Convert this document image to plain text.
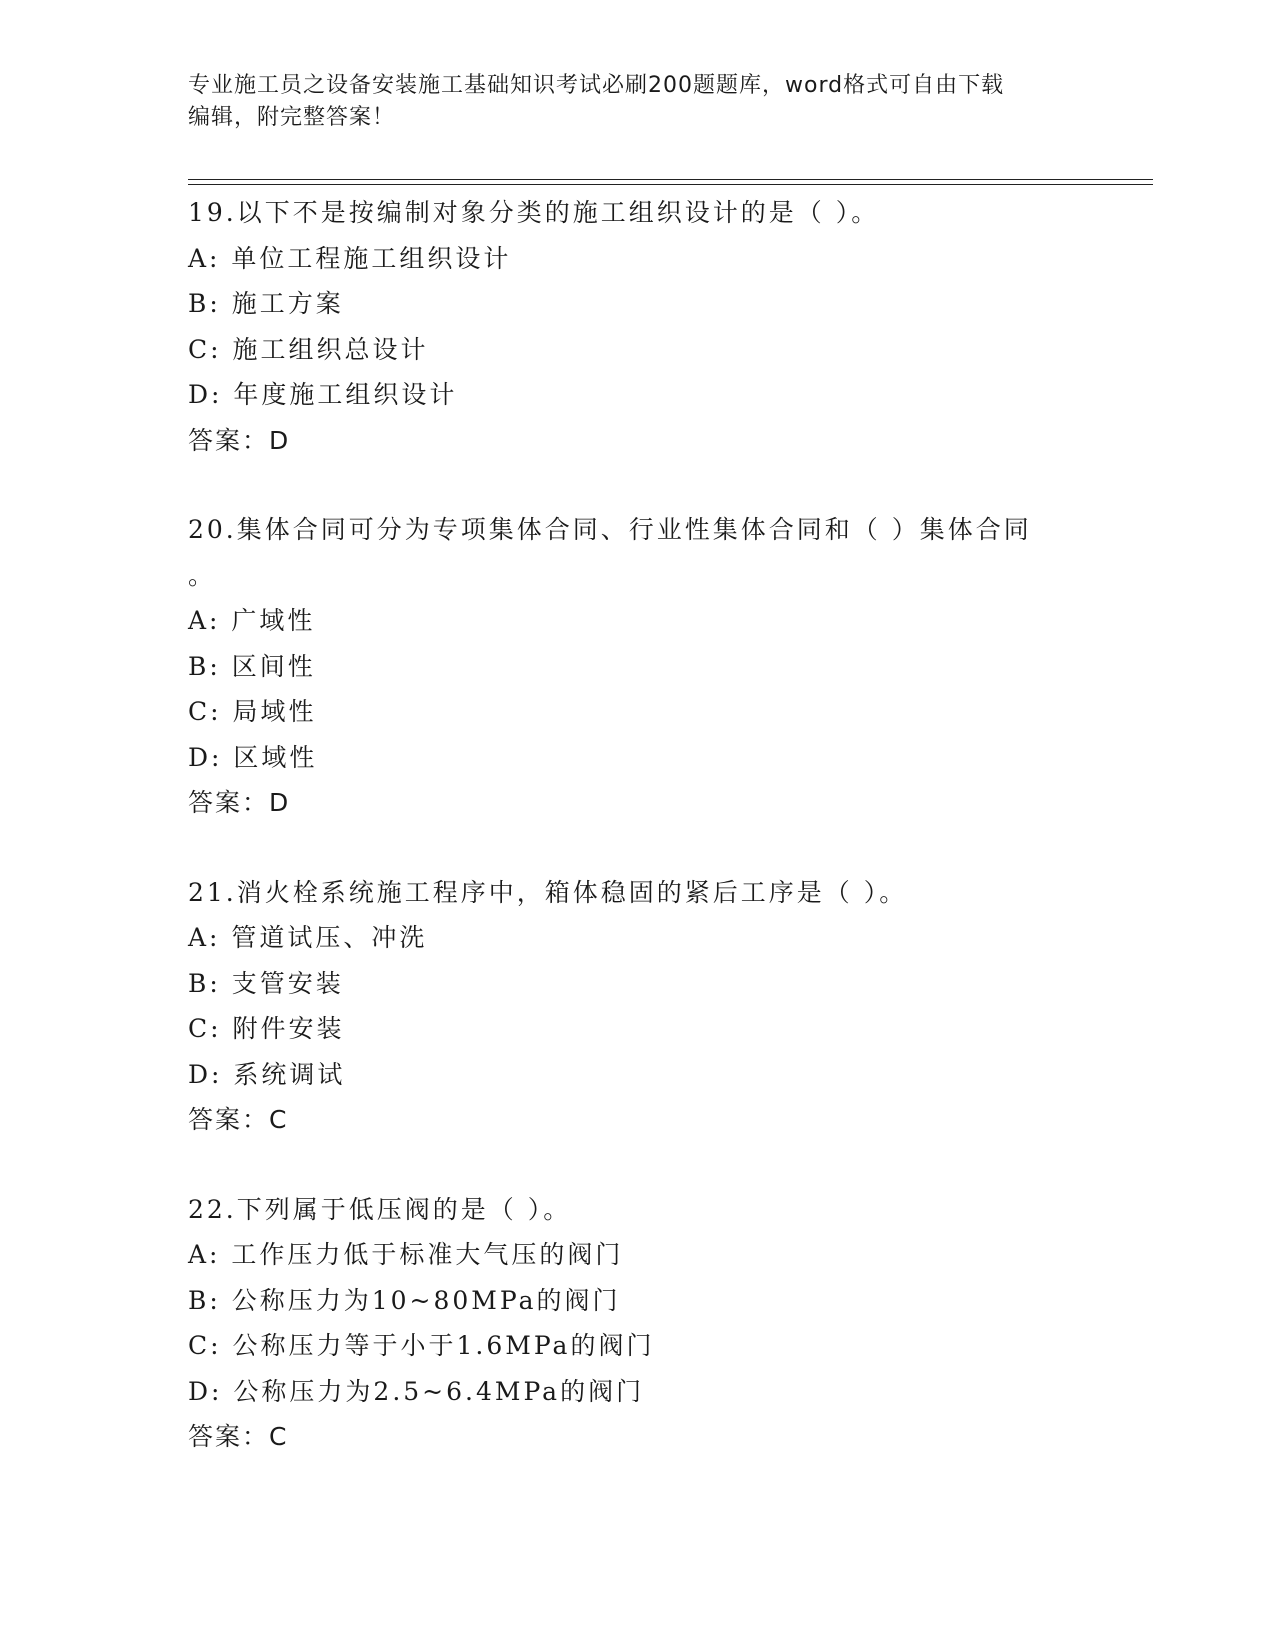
专业施工员之设备安装施工基础知识考试必刷200题题库，word格式可自由下载
编辑，附完整答案！
19.以下不是按编制对象分类的施工组织设计的是（ ）。
A: 单位工程施工组织设计
B: 施工方案
C: 施工组织总设计
D: 年度施工组织设计
答案：D
20.集体合同可分为专项集体合同、行业性集体合同和（ ）集体合同
。
A: 广域性
B: 区间性
C: 局域性
D: 区域性
答案：D
21.消火栓系统施工程序中，箱体稳固的紧后工序是（ ）。
A: 管道试压、冲洗
B: 支管安装
C: 附件安装
D: 系统调试
答案：C
22.下列属于低压阀的是（ ）。
A: 工作压力低于标准大气压的阀门
B: 公称压力为10~80MPa的阀门
C: 公称压力等于小于1.6MPa的阀门
D: 公称压力为2.5~6.4MPa的阀门
答案：C
